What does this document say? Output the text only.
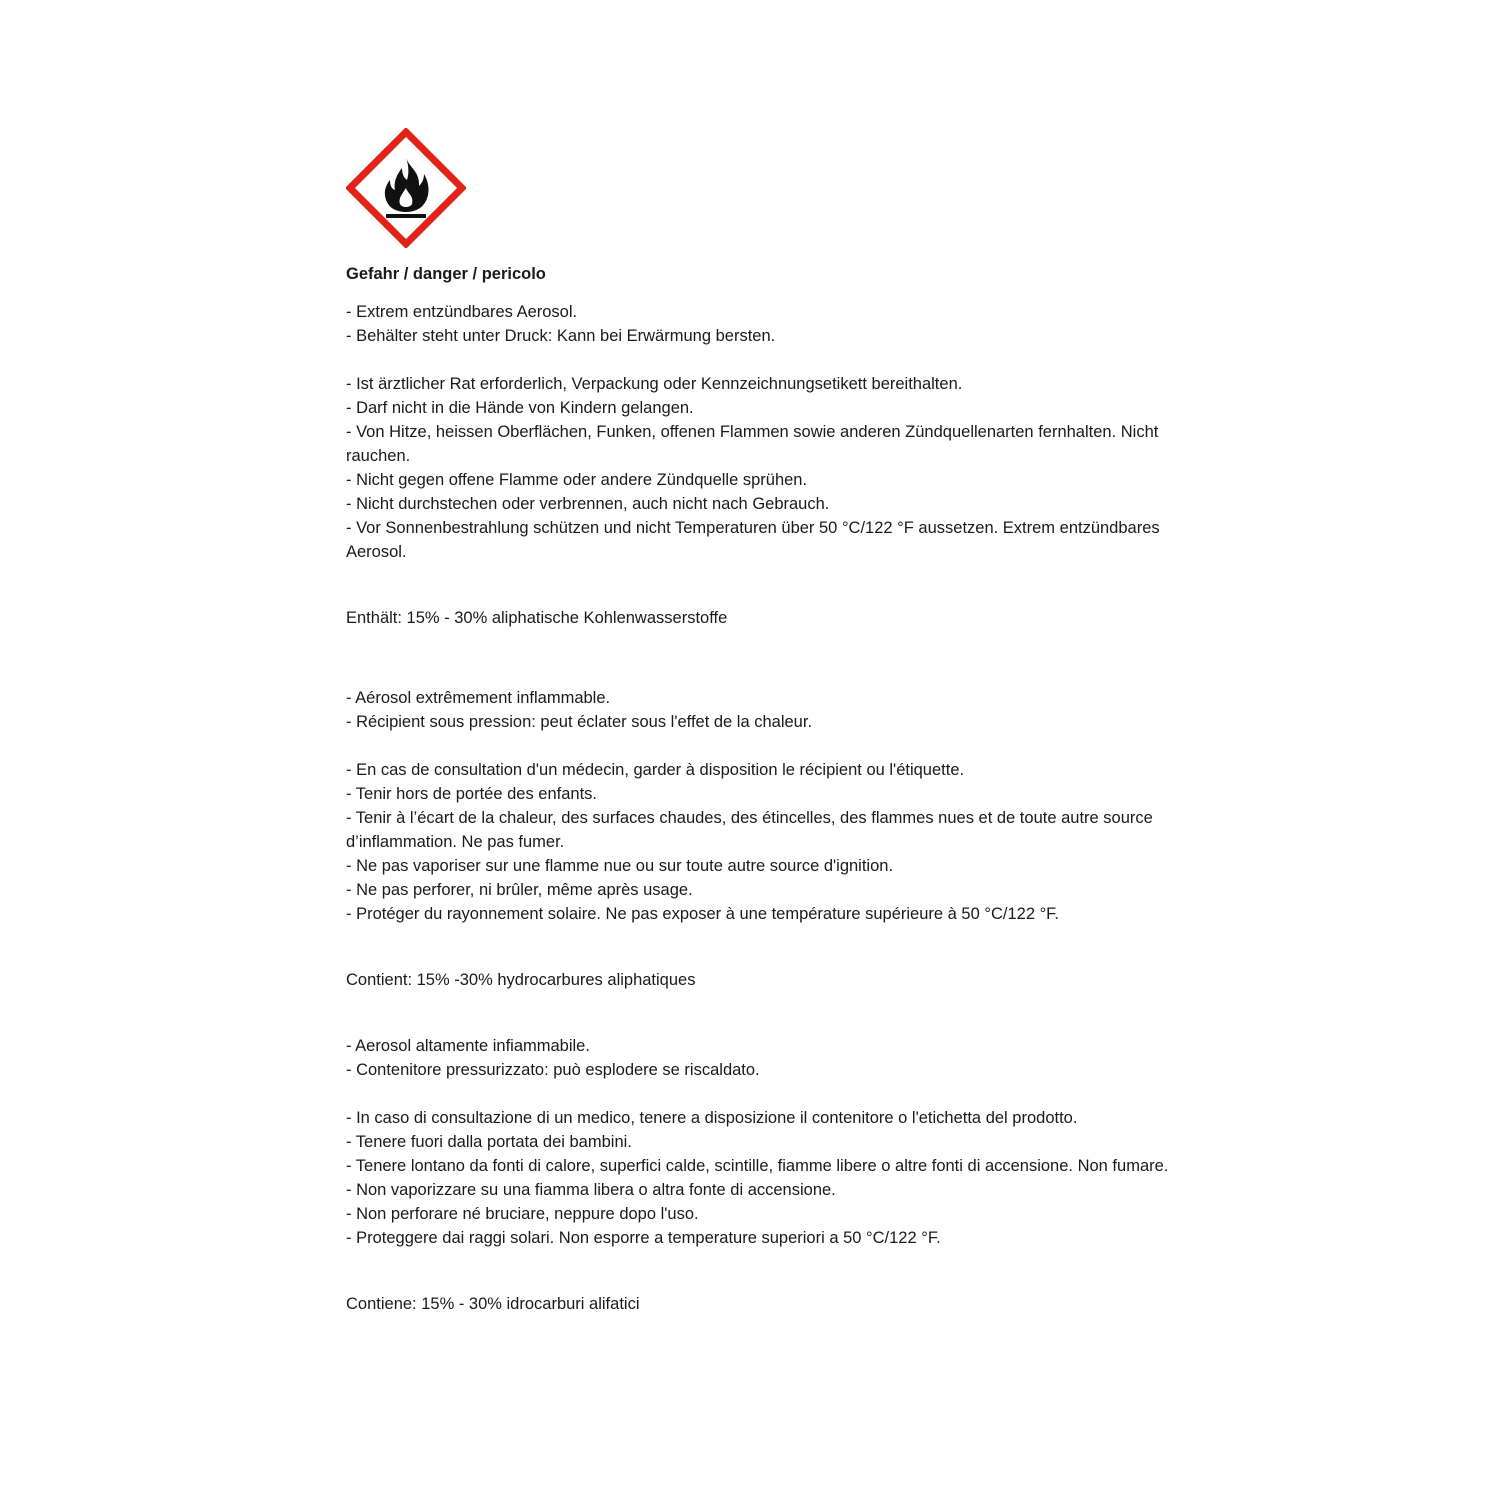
Gefahr / danger / pericolo
- Extrem entzündbares Aerosol.
- Behälter steht unter Druck: Kann bei Erwärmung bersten.
- Ist ärztlicher Rat erforderlich, Verpackung oder Kennzeichnungsetikett bereithalten.
- Darf nicht in die Hände von Kindern gelangen.
- Von Hitze, heissen Oberflächen, Funken, offenen Flammen sowie anderen Zündquellenarten fernhalten. Nicht rauchen.
- Nicht gegen offene Flamme oder andere Zündquelle sprühen.
- Nicht durchstechen oder verbrennen, auch nicht nach Gebrauch.
- Vor Sonnenbestrahlung schützen und nicht Temperaturen über 50 °C/122 °F aussetzen. Extrem entzündbares Aerosol.
Enthält: 15% - 30% aliphatische Kohlenwasserstoffe
- Aérosol extrêmement inflammable.
- Récipient sous pression: peut éclater sous l'effet de la chaleur.
- En cas de consultation d'un médecin, garder à disposition le récipient ou l'étiquette.
- Tenir hors de portée des enfants.
- Tenir à l’écart de la chaleur, des surfaces chaudes, des étincelles, des flammes nues et de toute autre source d’inflammation. Ne pas fumer.
- Ne pas vaporiser sur une flamme nue ou sur toute autre source d'ignition.
- Ne pas perforer, ni brûler, même après usage.
- Protéger du rayonnement solaire. Ne pas exposer à une température supérieure à 50 °C/122 °F.
Contient: 15% -30% hydrocarbures aliphatiques
- Aerosol altamente infiammabile.
- Contenitore pressurizzato: può esplodere se riscaldato.
- In caso di consultazione di un medico, tenere a disposizione il contenitore o l'etichetta del prodotto.
- Tenere fuori dalla portata dei bambini.
- Tenere lontano da fonti di calore, superfici calde, scintille, fiamme libere o altre fonti di accensione. Non fumare.
- Non vaporizzare su una fiamma libera o altra fonte di accensione.
- Non perforare né bruciare, neppure dopo l'uso.
- Proteggere dai raggi solari. Non esporre a temperature superiori a 50 °C/122 °F.
Contiene: 15% - 30% idrocarburi alifatici
